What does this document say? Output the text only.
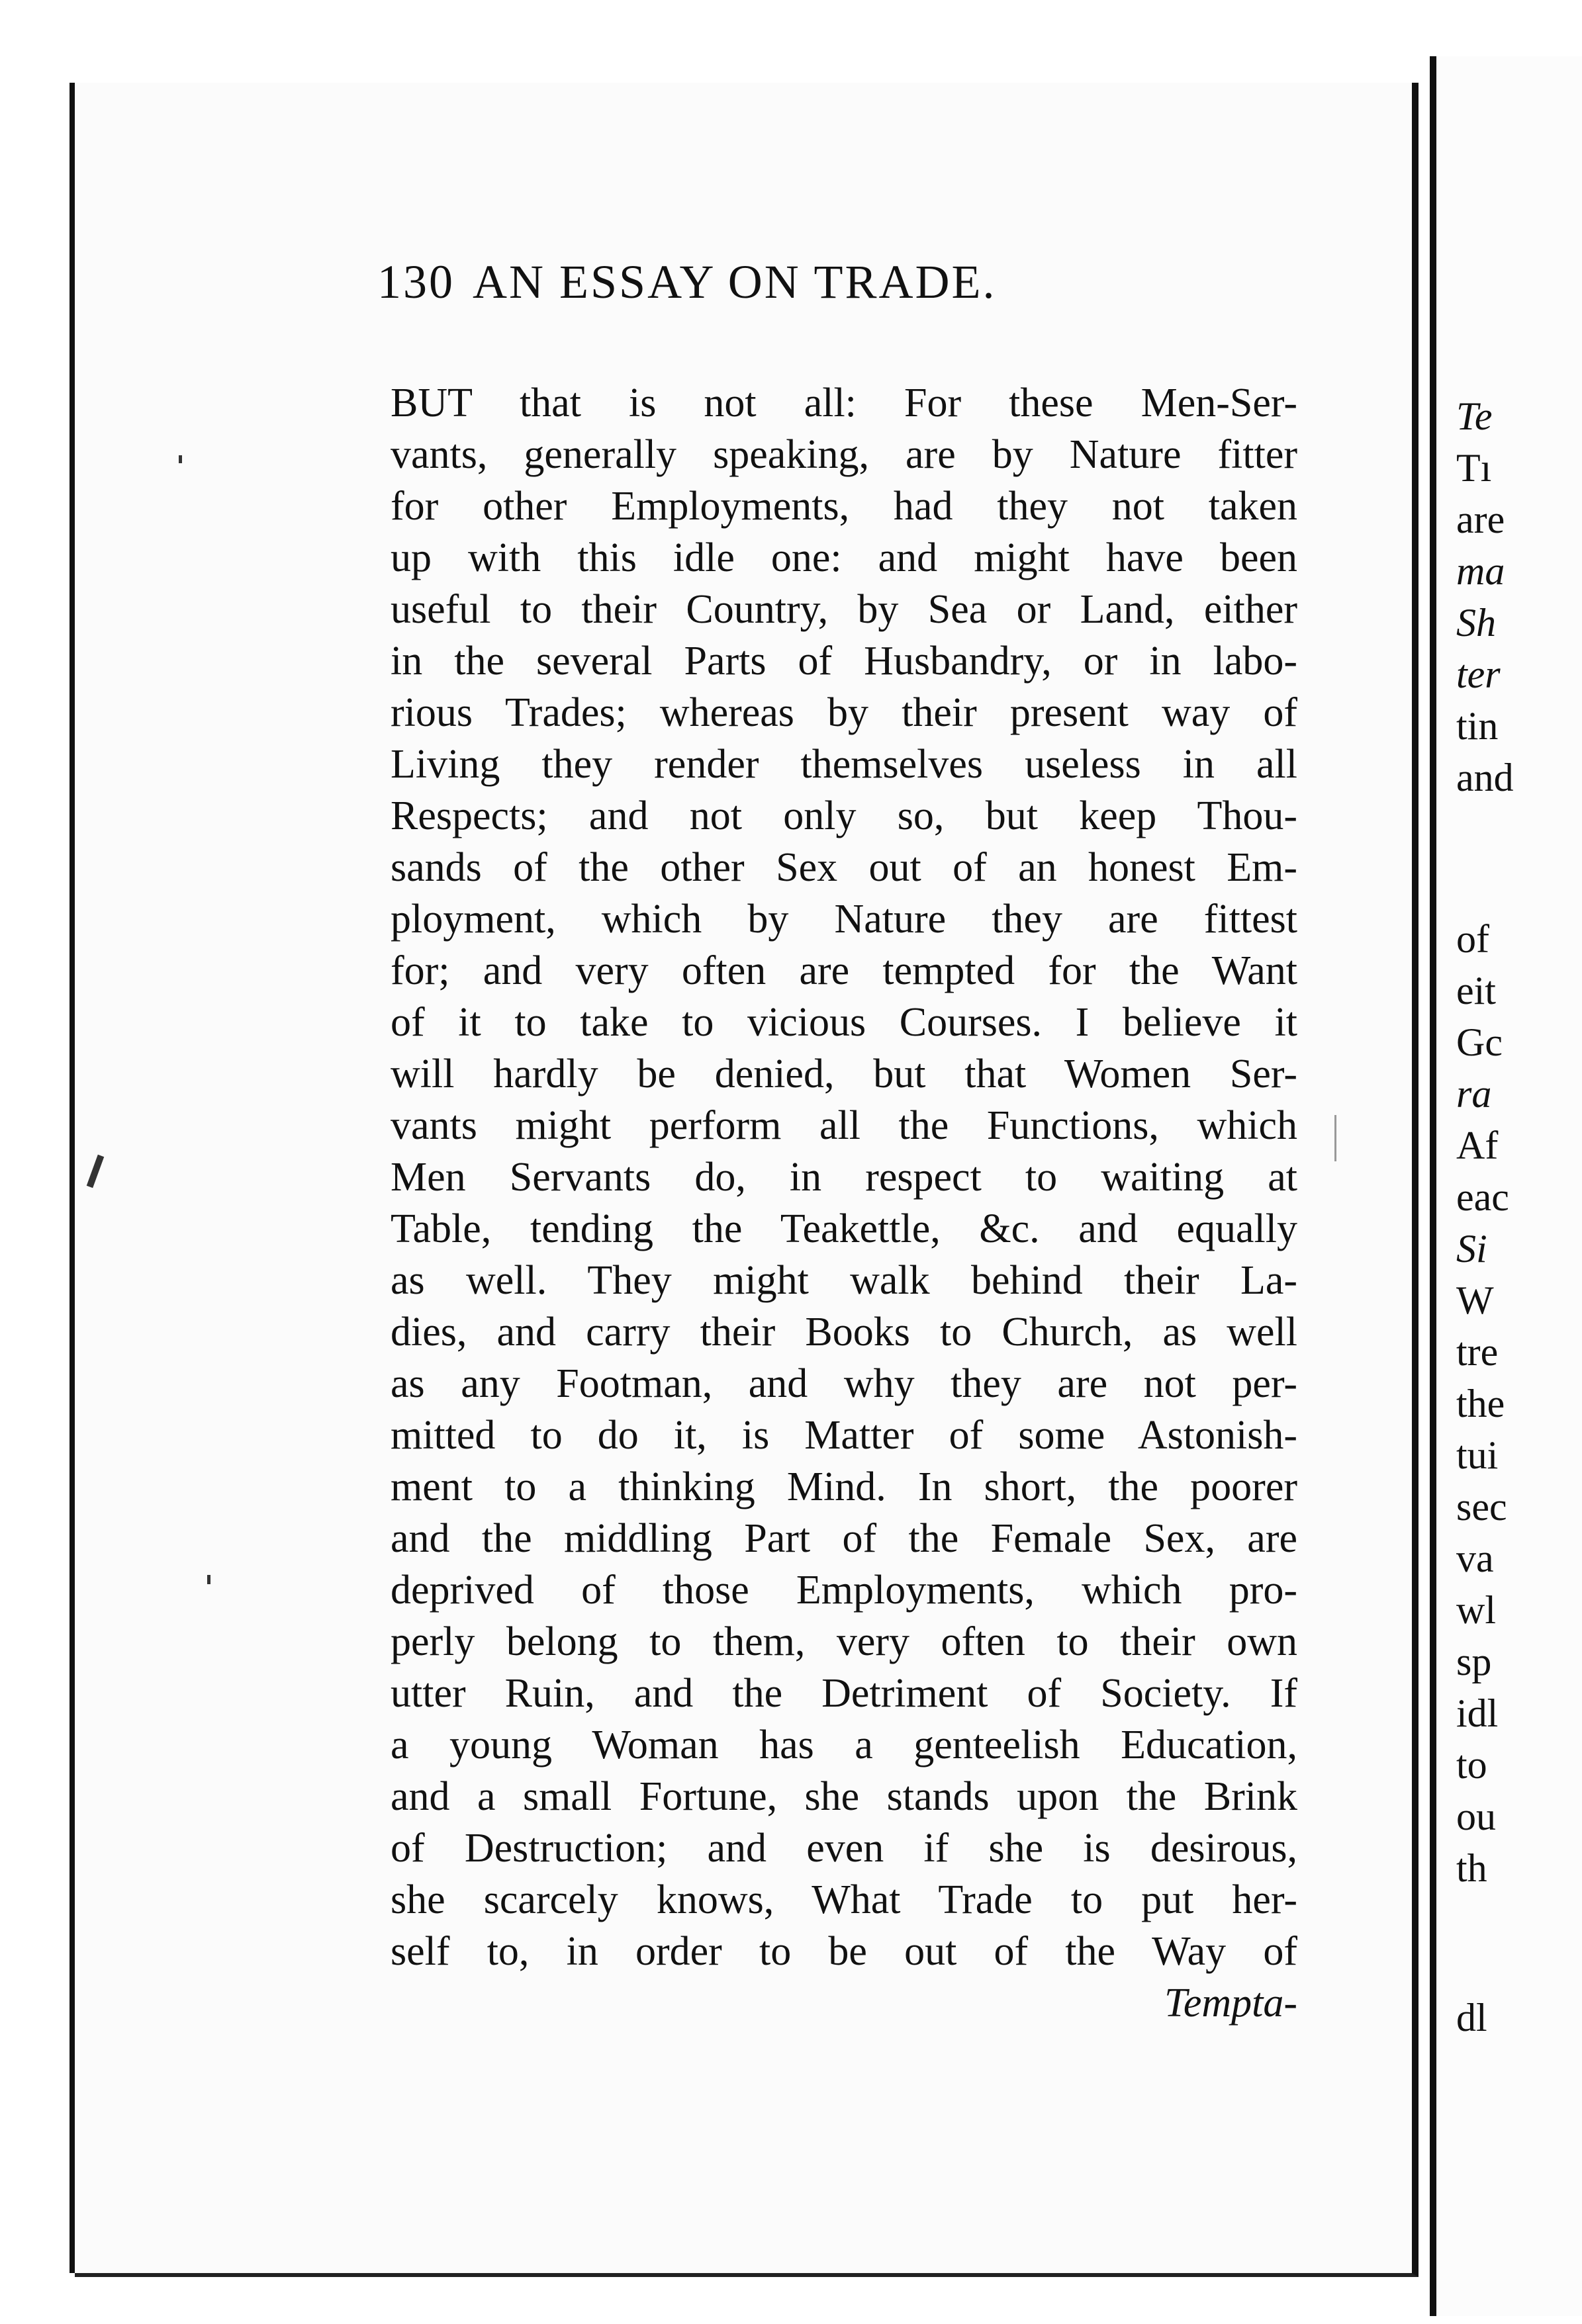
130 AN ESSAY ON TRADE.
BUT that is not all: For these Men-Ser-
vants, generally speaking, are by Nature fitter
for other Employments, had they not taken
up with this idle one: and might have been
useful to their Country, by Sea or Land, either
in the several Parts of Husbandry, or in labo-
rious Trades; whereas by their present way of
Living they render themselves useless in all
Respects; and not only so, but keep Thou-
sands of the other Sex out of an honest Em-
ployment, which by Nature they are fittest
for; and very often are tempted for the Want
of it to take to vicious Courses. I believe it
will hardly be denied, but that Women Ser-
vants might perform all the Functions, which
Men Servants do, in respect to waiting at
Table, tending the Teakettle, &c. and equally
as well. They might walk behind their La-
dies, and carry their Books to Church, as well
as any Footman, and why they are not per-
mitted to do it, is Matter of some Astonish-
ment to a thinking Mind. In short, the poorer
and the middling Part of the Female Sex, are
deprived of those Employments, which pro-
perly belong to them, very often to their own
utter Ruin, and the Detriment of Society. If
a young Woman has a genteelish Education,
and a small Fortune, she stands upon the Brink
of Destruction; and even if she is desirous,
she scarcely knows, What Trade to put her-
self to, in order to be out of the Way of
Tempta-
Te
Tı
are
ma
Sh
ter
tin
and
of
eit
Gc
ra
Af
eac
Si
W
tre
the
tui
sec
va
wl
sp
idl
to
ou
th
dl
